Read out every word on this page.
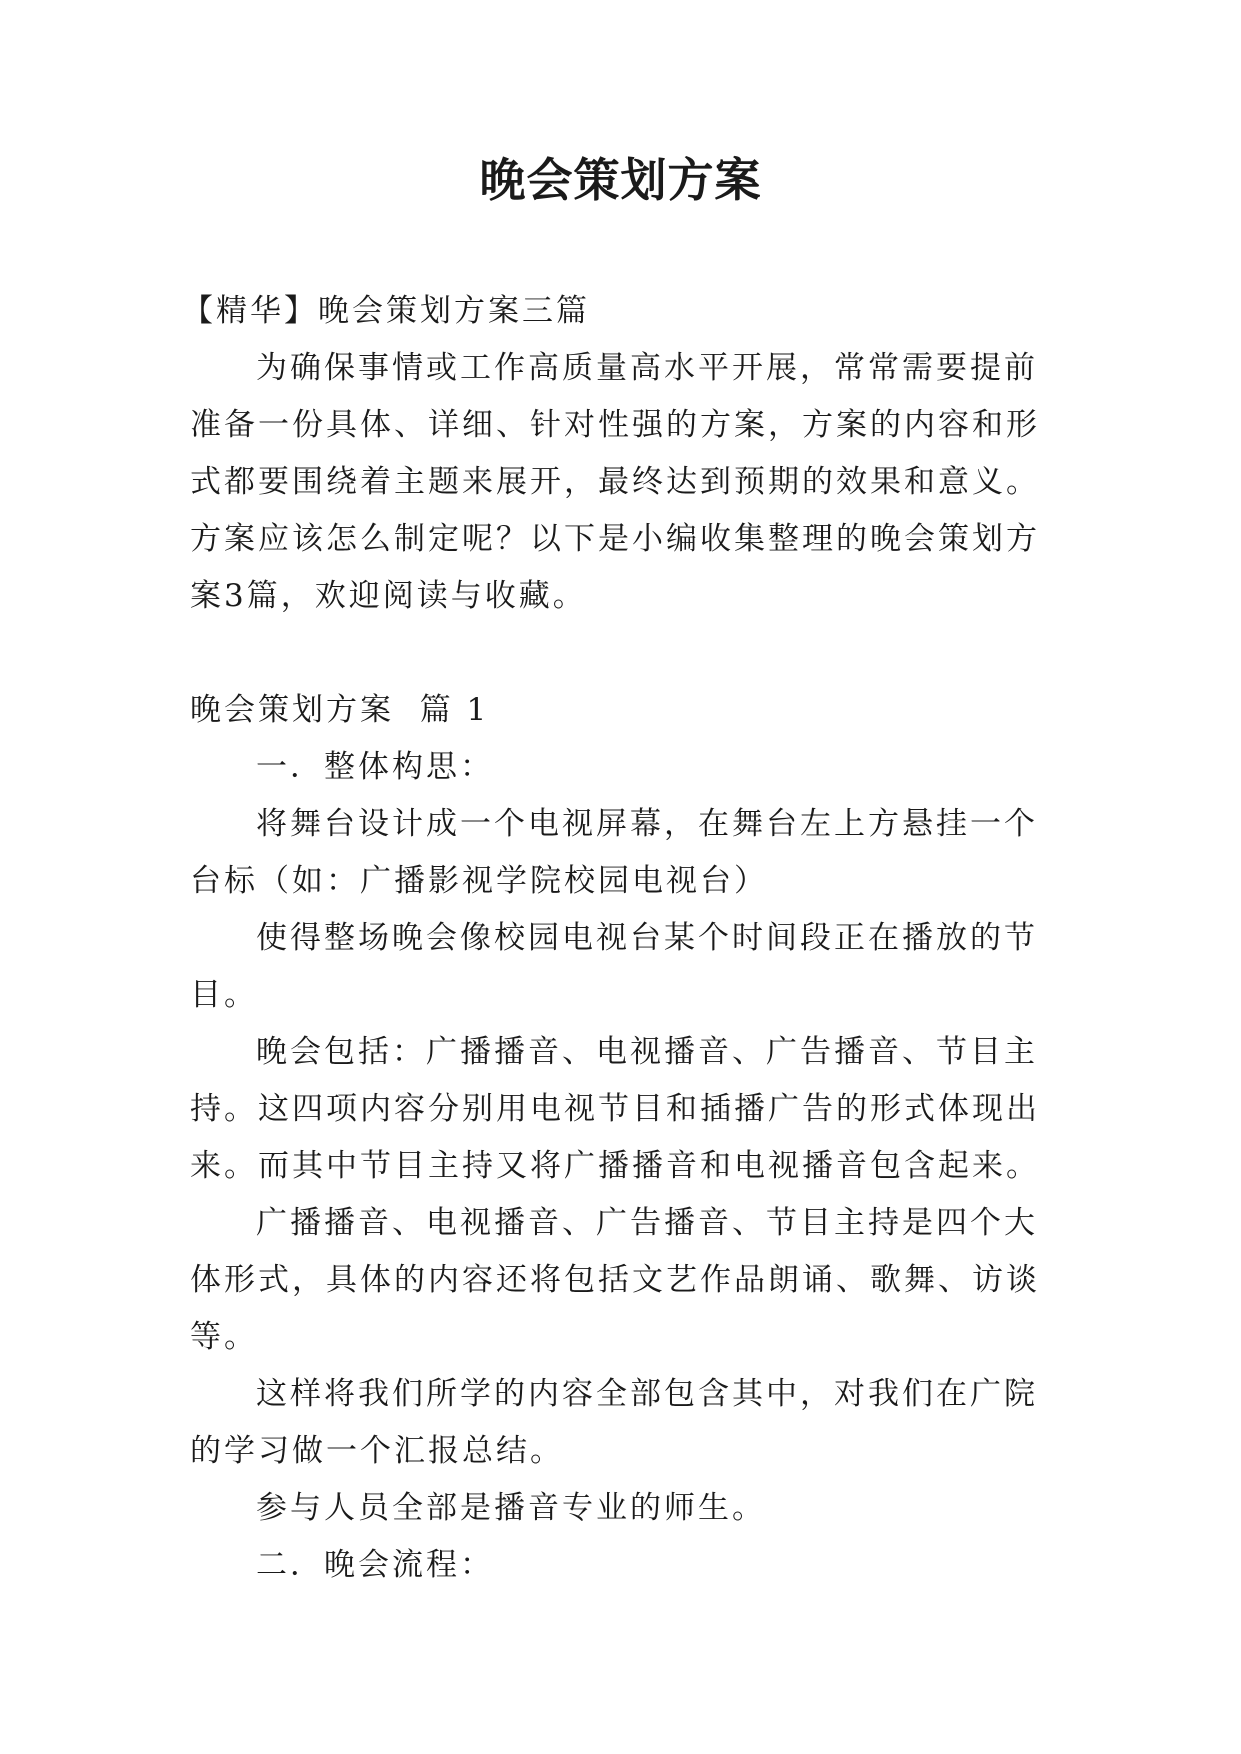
晚会策划方案

【精华】晚会策划方案三篇

为确保事情或工作高质量高水平开展，常常需要提前准备一份具体、详细、针对性强的方案，方案的内容和形式都要围绕着主题来展开，最终达到预期的效果和意义。方案应该怎么制定呢？以下是小编收集整理的晚会策划方案3篇，欢迎阅读与收藏。

晚会策划方案  篇 1

一．整体构思：

将舞台设计成一个电视屏幕，在舞台左上方悬挂一个台标（如：广播影视学院校园电视台）

使得整场晚会像校园电视台某个时间段正在播放的节目。

晚会包括：广播播音、电视播音、广告播音、节目主持。这四项内容分别用电视节目和插播广告的形式体现出来。而其中节目主持又将广播播音和电视播音包含起来。

广播播音、电视播音、广告播音、节目主持是四个大体形式，具体的内容还将包括文艺作品朗诵、歌舞、访谈等。

这样将我们所学的内容全部包含其中，对我们在广院的学习做一个汇报总结。

参与人员全部是播音专业的师生。

二．晚会流程：
